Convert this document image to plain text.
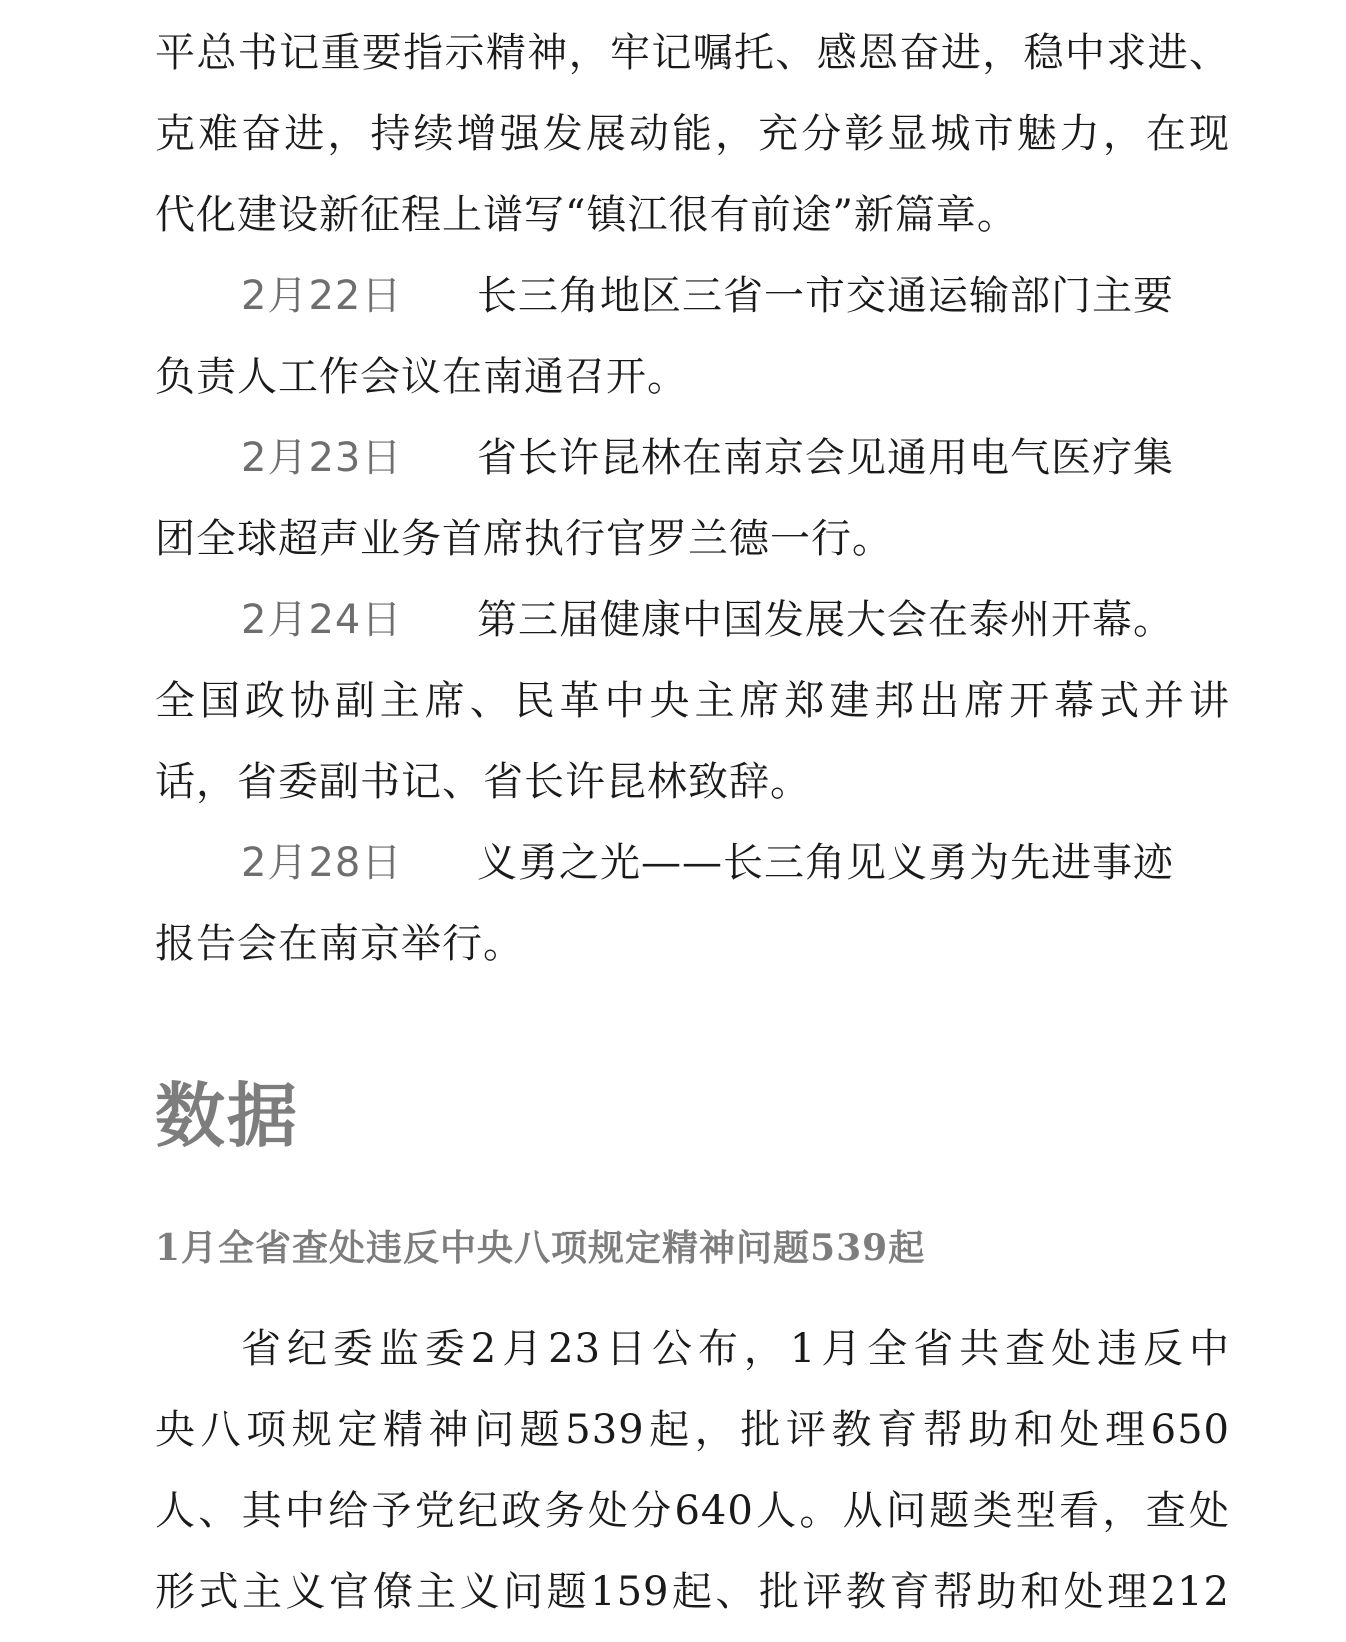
平总书记重要指示精神，牢记嘱托、感恩奋进，稳中求进、
克难奋进，持续增强发展动能，充分彰显城市魅力，在现
代化建设新征程上谱写“镇江很有前途”新篇章。
2月22日 长三角地区三省一市交通运输部门主要
负责人工作会议在南通召开。
2月23日 省长许昆林在南京会见通用电气医疗集
团全球超声业务首席执行官罗兰德一行。
2月24日 第三届健康中国发展大会在泰州开幕。
全国政协副主席、民革中央主席郑建邦出席开幕式并讲
话，省委副书记、省长许昆林致辞。
2月28日 义勇之光——长三角见义勇为先进事迹
报告会在南京举行。
数据
1月全省查处违反中央八项规定精神问题539起
省纪委监委2月23日公布，1月全省共查处违反中
央八项规定精神问题539起，批评教育帮助和处理650
人、其中给予党纪政务处分640人。从问题类型看，查处
形式主义官僚主义问题159起、批评教育帮助和处理212
